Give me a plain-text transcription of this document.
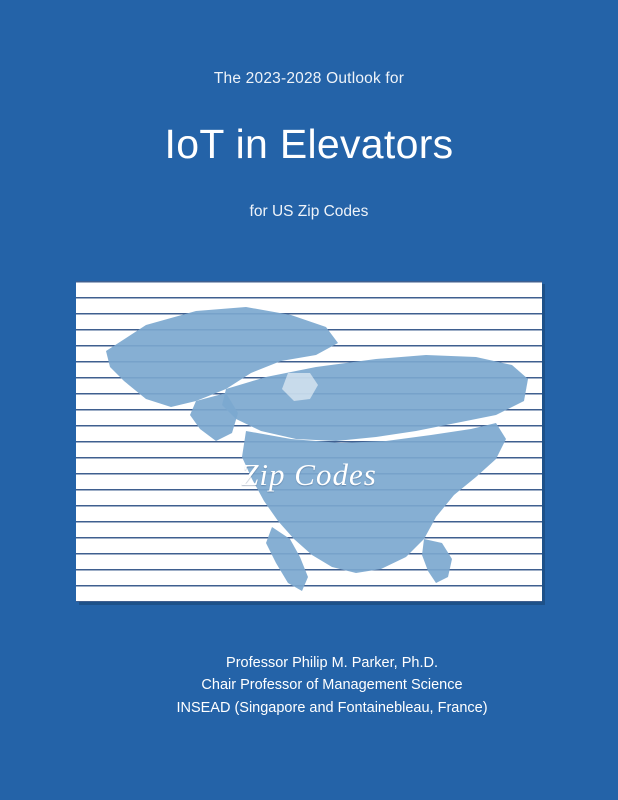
The 2023-2028 Outlook for

IoT in Elevators

for US Zip Codes

Zip Codes
Professor Philip M. Parker, Ph.D.
Chair Professor of Management Science
INSEAD (Singapore and Fontainebleau, France)
